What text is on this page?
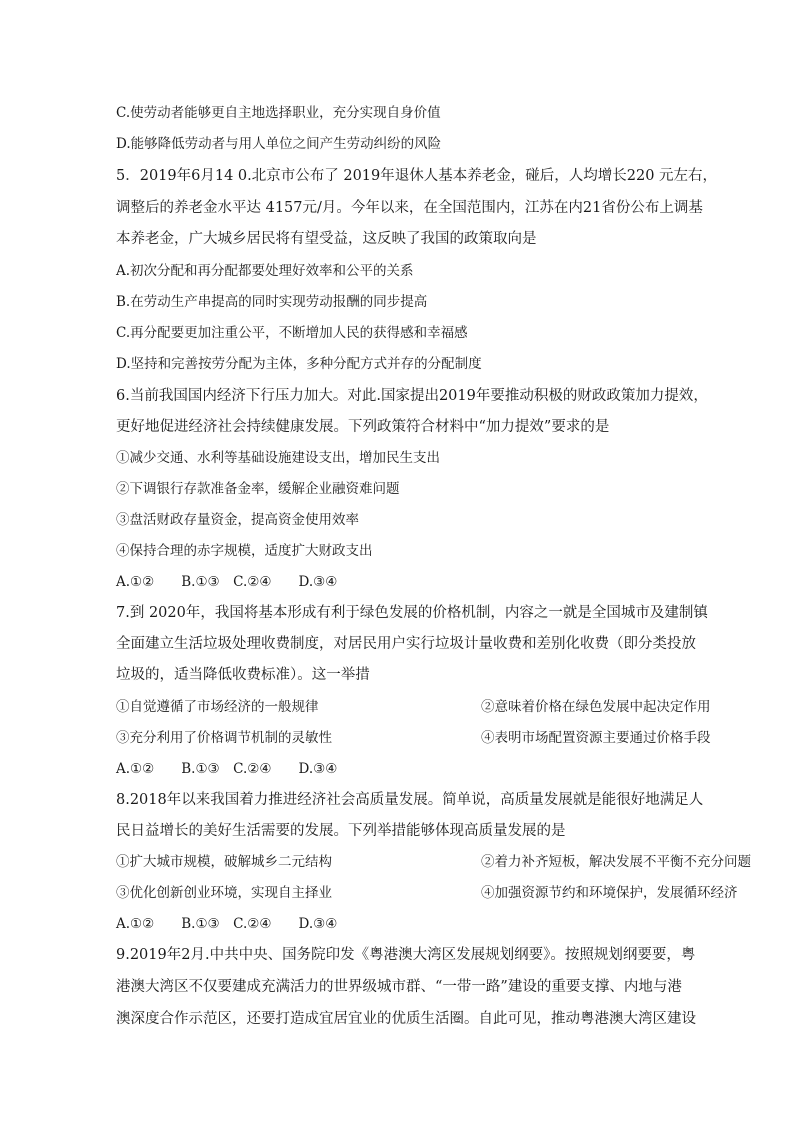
C.使劳动者能够更自主地选择职业，充分实现自身价值
D.能够降低劳动者与用人单位之间产生劳动纠纷的风险
5．2019年6月14 0.北京市公布了 2019年退休人基本养老金，碰后，人均增长220 元左右，
调整后的养老金水平达 4157元/月。今年以来，在全国范围内，江苏在内21省份公布上调基
本养老金，广大城乡居民将有望受益，这反映了我国的政策取向是
A.初次分配和再分配都要处理好效率和公平的关系
B.在劳动生产串提高的同时实现劳动报酬的同步提高
C.再分配要更加注重公平，不断增加人民的获得感和幸福感
D.坚持和完善按劳分配为主体，多种分配方式并存的分配制度
6.当前我国国内经济下行压力加大。对此.国家提出2019年要推动积极的财政政策加力提效，
更好地促进经济社会持续健康发展。下列政策符合材料中“加力提效”要求的是
①减少交通、水利等基础设施建设支出，增加民生支出
②下调银行存款准备金率，缓解企业融资难问题
③盘活财政存量资金，提高资金使用效率
④保持合理的赤字规模，适度扩大财政支出
A.①②　　B.①③　C.②④　　D.③④
7.到 2020年，我国将基本形成有利于绿色发展的价格机制，内容之一就是全国城市及建制镇
全面建立生活垃圾处理收费制度，对居民用户实行垃圾计量收费和差别化收费（即分类投放
垃圾的，适当降低收费标准）。这一举措
①自觉遵循了市场经济的一般规律	②意味着价格在绿色发展中起决定作用
③充分利用了价格调节机制的灵敏性	④表明市场配置资源主要通过价格手段
A.①②　　B.①③　C.②④　　D.③④
8.2018年以来我国着力推进经济社会高质量发展。简单说，高质量发展就是能很好地满足人
民日益增长的美好生活需要的发展。下列举措能够体现高质量发展的是
①扩大城市规模，破解城乡二元结构	②着力补齐短板，解决发展不平衡不充分问题
③优化创新创业环境，实现自主择业	④加强资源节约和环境保护，发展循环经济
A.①②　　B.①③　C.②④　　D.③④
9.2019年2月.中共中央、国务院印发《粤港澳大湾区发展规划纲要》。按照规划纲要要，粤
港澳大湾区不仅要建成充满活力的世界级城市群、“一带一路”建设的重要支撑、内地与港
澳深度合作示范区，还要打造成宜居宜业的优质生活圈。自此可见，推动粤港澳大湾区建设
